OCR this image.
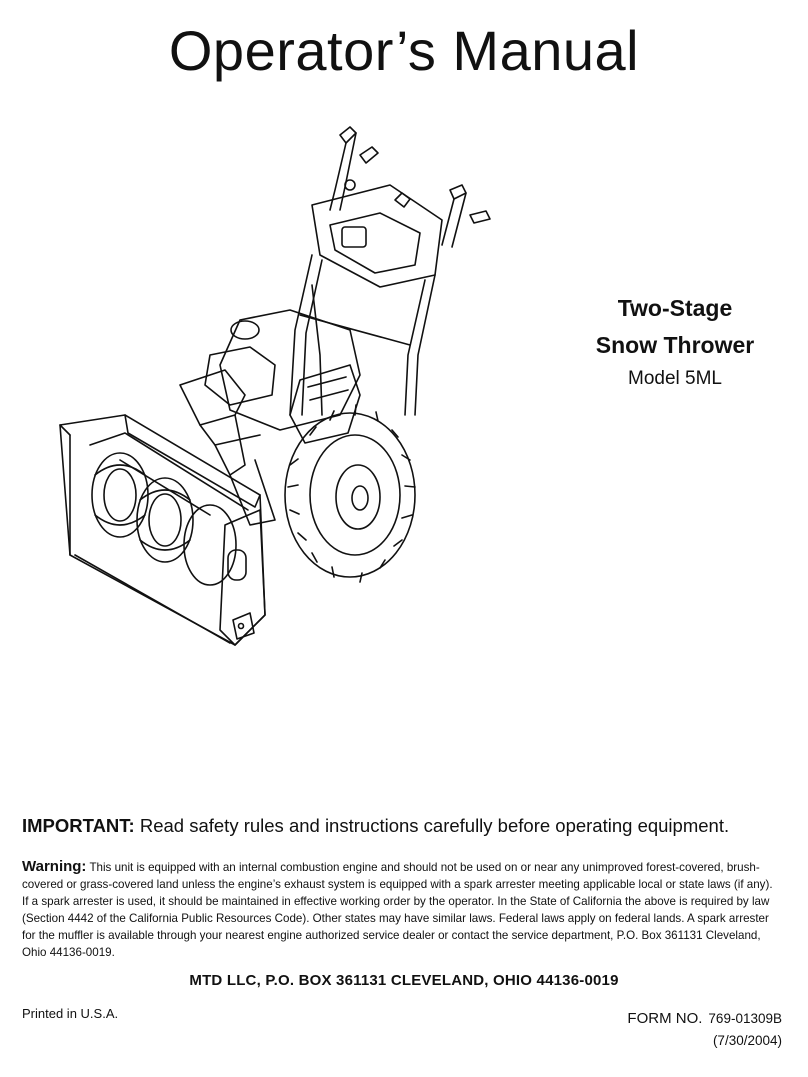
Operator’s Manual

Two-Stage

Snow Thrower

Model 5ML
IMPORTANT: Read safety rules and instructions carefully before operating equipment.
Warning: This unit is equipped with an internal combustion engine and should not be used on or near any unimproved forest-covered, brush-covered or grass-covered land unless the engine’s exhaust system is equipped with a spark arrester meeting applicable local or state laws (if any). If a spark arrester is used, it should be maintained in effective working order by the operator. In the State of California the above is required by law (Section 4442 of the California Public Resources Code). Other states may have similar laws. Federal laws apply on federal lands. A spark arrester for the muffler is available through your nearest engine authorized service dealer or contact the service department, P.O. Box 361131 Cleveland, Ohio 44136-0019.
MTD LLC, P.O. BOX 361131 CLEVELAND, OHIO 44136-0019
Printed in U.S.A.	FORM NO. 769-01309B
(7/30/2004)
